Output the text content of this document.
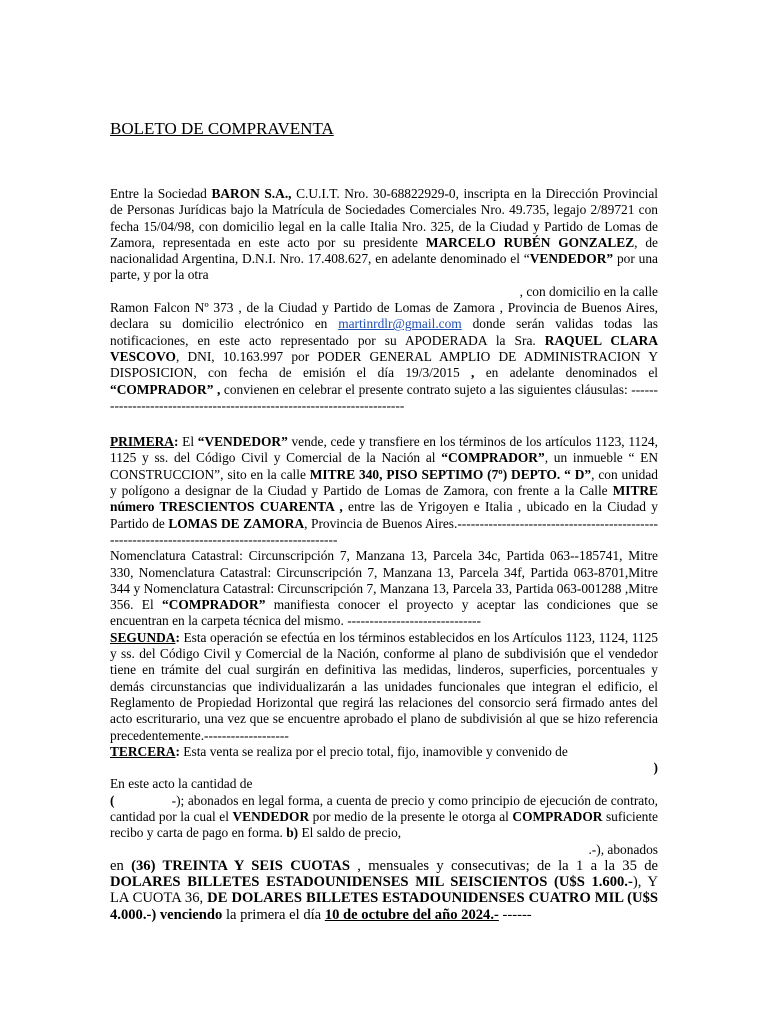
BOLETO DE COMPRAVENTA

Entre la Sociedad BARON S.A., C.U.I.T. Nro. 30-68822929-0, inscripta en la Dirección Provincial de Personas Jurídicas bajo la Matrícula de Sociedades Comerciales Nro. 49.735, legajo 2/89721 con fecha 15/04/98, con domicilio legal en la calle Italia Nro. 325, de la Ciudad y Partido de Lomas de Zamora, representada en este acto por su presidente MARCELO RUBÉN GONZALEZ, de nacionalidad Argentina, D.N.I. Nro. 17.408.627, en adelante denominado el “VENDEDOR” por una parte, y por la otra

, con domicilio en la calle

Ramon Falcon Nº 373 , de la Ciudad y Partido de Lomas de Zamora , Provincia de Buenos Aires, declara su domicilio electrónico en martinrdlr@gmail.com donde serán validas todas las notificaciones, en este acto representado por su APODERADA la Sra. RAQUEL CLARA VESCOVO, DNI, 10.163.997 por PODER GENERAL AMPLIO DE ADMINISTRACION Y DISPOSICION, con fecha de emisión el día 19/3/2015 , en adelante denominados el “COMPRADOR” , convienen en celebrar el presente contrato sujeto a las siguientes cláusulas: ------------------------------------------------------------------------

PRIMERA: El “VENDEDOR” vende, cede y transfiere en los términos de los artículos 1123, 1124, 1125 y ss. del Código Civil y Comercial de la Nación al “COMPRADOR”, un inmueble “ EN CONSTRUCCION”, sito en la calle MITRE 340, PISO SEPTIMO (7º) DEPTO. “ D”, con unidad y polígono a designar de la Ciudad y Partido de Lomas de Zamora, con frente a la Calle MITRE número TRESCIENTOS CUARENTA , entre las de Yrigoyen e Italia , ubicado en la Ciudad y Partido de LOMAS DE ZAMORA, Provincia de Buenos Aires.------------------------------------------------------------------------------------------------

Nomenclatura Catastral: Circunscripción 7, Manzana 13, Parcela 34c, Partida 063--185741, Mitre 330, Nomenclatura Catastral: Circunscripción 7, Manzana 13, Parcela 34f, Partida 063-8701,Mitre 344 y Nomenclatura Catastral: Circunscripción 7, Manzana 13, Parcela 33, Partida 063-001288 ,Mitre 356. El “COMPRADOR” manifiesta conocer el proyecto y aceptar las condiciones que se encuentran en la carpeta técnica del mismo. ------------------------------

SEGUNDA: Esta operación se efectúa en los términos establecidos en los Artículos 1123, 1124, 1125 y ss. del Código Civil y Comercial de la Nación, conforme al plano de subdivisión que el vendedor tiene en trámite del cual surgirán en definitiva las medidas, linderos, superficies, porcentuales y demás circunstancias que individualizarán a las unidades funcionales que integran el edificio, el Reglamento de Propiedad Horizontal que regirá las relaciones del consorcio será firmado antes del acto escriturario, una vez que se encuentre aprobado el plano de subdivisión al que se hizo referencia precedentemente.-------------------

TERCERA: Esta venta se realiza por el precio total, fijo, inamovible y convenido de

)

En este acto la cantidad de

(                -); abonados en legal forma, a cuenta de precio y como principio de ejecución de contrato, cantidad por la cual el VENDEDOR por medio de la presente le otorga al COMPRADOR suficiente recibo y carta de pago en forma. b) El saldo de precio,

.-), abonados

en (36) TREINTA Y SEIS CUOTAS , mensuales y consecutivas; de la 1 a la 35 de DOLARES BILLETES ESTADOUNIDENSES MIL SEISCIENTOS (U$S 1.600.-), Y LA CUOTA 36, DE DOLARES BILLETES ESTADOUNIDENSES CUATRO MIL (U$S 4.000.-) venciendo la primera el día 10 de octubre del año 2024.- ------
